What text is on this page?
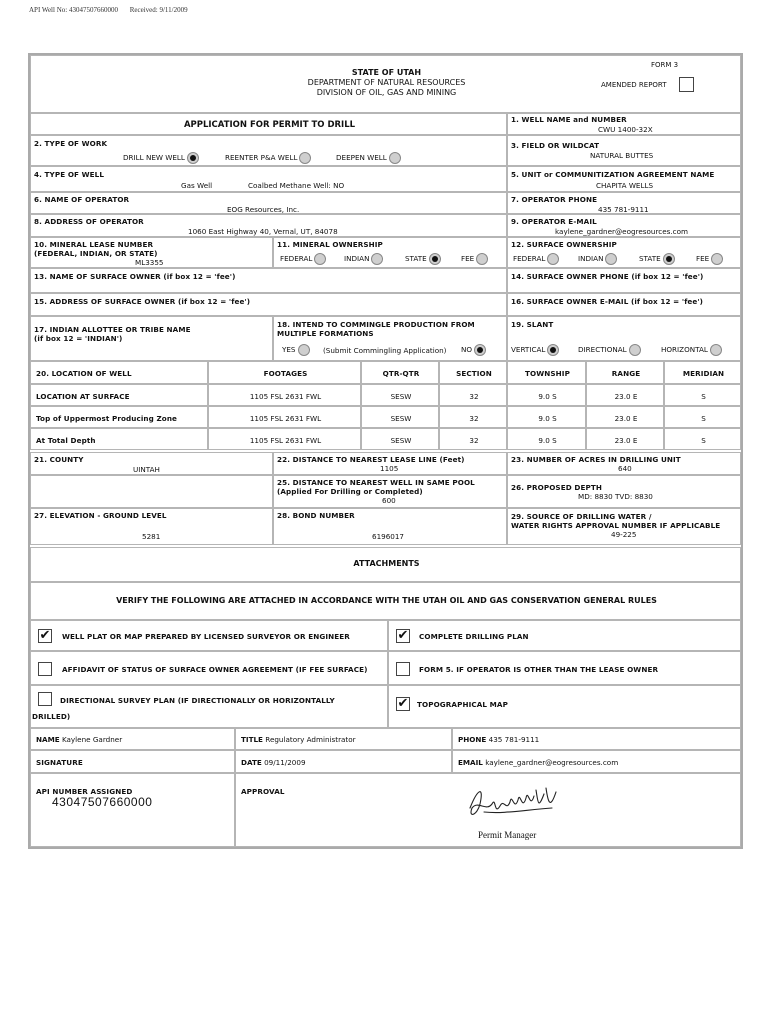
API Well No: 43047507660000 Received: 9/11/2009
STATE OF UTAH
DEPARTMENT OF NATURAL RESOURCES
DIVISION OF OIL, GAS AND MINING
FORM 3
AMENDED REPORT
APPLICATION FOR PERMIT TO DRILL
1. WELL NAME and NUMBER
CWU 1400-32X
2. TYPE OF WORK
DRILL NEW WELL	REENTER P&A WELL	DEEPEN WELL
3. FIELD OR WILDCAT
NATURAL BUTTES
4. TYPE OF WELL
Gas Well	Coalbed Methane Well: NO
5. UNIT or COMMUNITIZATION AGREEMENT NAME
CHAPITA WELLS
6. NAME OF OPERATOR
EOG Resources, Inc.
7. OPERATOR PHONE
435 781-9111
8. ADDRESS OF OPERATOR
1060 East Highway 40, Vernal, UT, 84078
9. OPERATOR E-MAIL
kaylene_gardner@eogresources.com
10. MINERAL LEASE NUMBER
(FEDERAL, INDIAN, OR STATE)
ML3355
11. MINERAL OWNERSHIP
FEDERAL	INDIAN	STATE	FEE
12. SURFACE OWNERSHIP
FEDERAL	INDIAN	STATE	FEE
13. NAME OF SURFACE OWNER (if box 12 = 'fee')	14. SURFACE OWNER PHONE (if box 12 = 'fee')
15. ADDRESS OF SURFACE OWNER (if box 12 = 'fee')	16. SURFACE OWNER E-MAIL (if box 12 = 'fee')
17. INDIAN ALLOTTEE OR TRIBE NAME
(if box 12 = 'INDIAN')
18. INTEND TO COMMINGLE PRODUCTION FROM
MULTIPLE FORMATIONS
YES	(Submit Commingling Application) NO
19. SLANT
VERTICAL	DIRECTIONAL	HORIZONTAL
20. LOCATION OF WELL	FOOTAGES	QTR-QTR	SECTION	TOWNSHIP	RANGE	MERIDIAN
LOCATION AT SURFACE	1105 FSL 2631 FWL	SESW	32	9.0 S	23.0 E	S
Top of Uppermost Producing Zone	1105 FSL 2631 FWL	SESW	32	9.0 S	23.0 E	S
At Total Depth	1105 FSL 2631 FWL	SESW	32	9.0 S	23.0 E	S
21. COUNTY
UINTAH
22. DISTANCE TO NEAREST LEASE LINE (Feet)
1105
23. NUMBER OF ACRES IN DRILLING UNIT
640
25. DISTANCE TO NEAREST WELL IN SAME POOL
(Applied For Drilling or Completed)
600
26. PROPOSED DEPTH
MD: 8830 TVD: 8830
27. ELEVATION - GROUND LEVEL
5281
28. BOND NUMBER
6196017
29. SOURCE OF DRILLING WATER /
WATER RIGHTS APPROVAL NUMBER IF APPLICABLE
49-225
ATTACHMENTS
VERIFY THE FOLLOWING ARE ATTACHED IN ACCORDANCE WITH THE UTAH OIL AND GAS CONSERVATION GENERAL RULES
✔ WELL PLAT OR MAP PREPARED BY LICENSED SURVEYOR OR ENGINEER	✔ COMPLETE DRILLING PLAN
AFFIDAVIT OF STATUS OF SURFACE OWNER AGREEMENT (IF FEE SURFACE)	FORM 5. IF OPERATOR IS OTHER THAN THE LEASE OWNER
DIRECTIONAL SURVEY PLAN (IF DIRECTIONALLY OR HORIZONTALLY
DRILLED)
✔ TOPOGRAPHICAL MAP
NAME Kaylene Gardner	TITLE Regulatory Administrator	PHONE 435 781-9111
SIGNATURE	DATE 09/11/2009	EMAIL kaylene_gardner@eogresources.com
API NUMBER ASSIGNED
43047507660000
APPROVAL
Permit Manager
